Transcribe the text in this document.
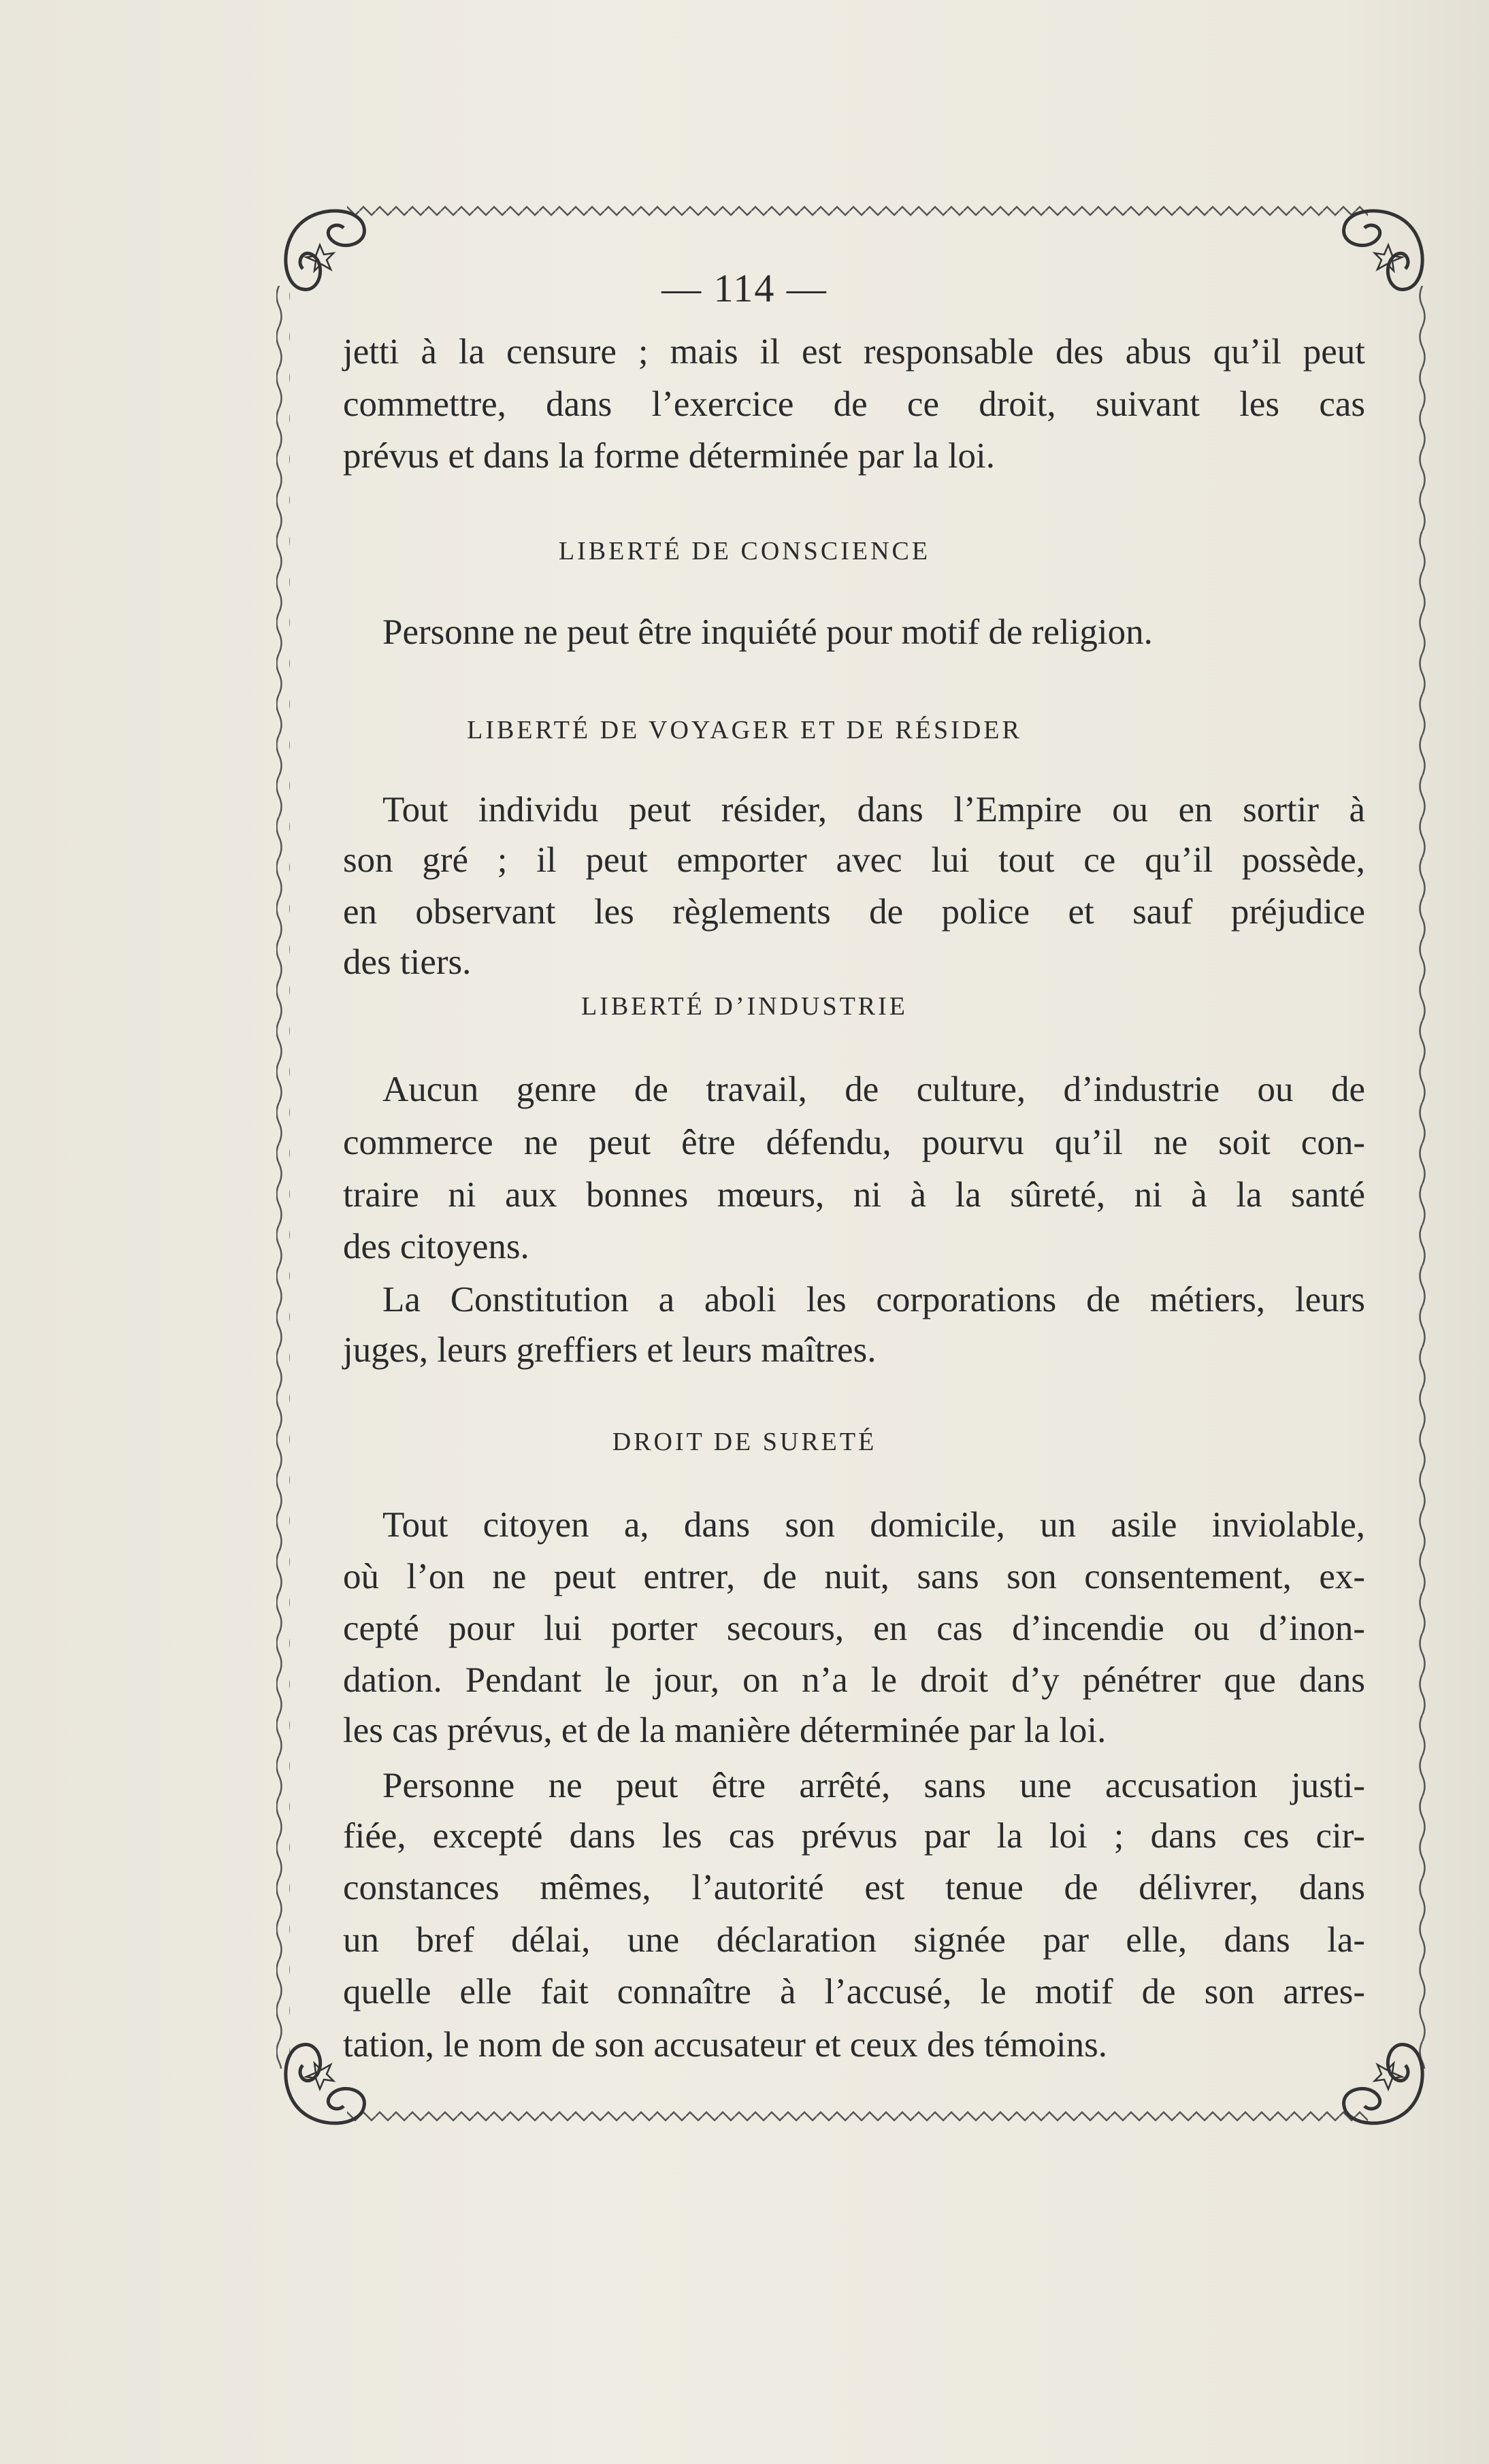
— 114 —
jetti à la censure ; mais il est responsable des abus qu’il peut
commettre, dans l’exercice de ce droit, suivant les cas
prévus et dans la forme déterminée par la loi.
LIBERTÉ DE CONSCIENCE
Personne ne peut être inquiété pour motif de religion.
LIBERTÉ DE VOYAGER ET DE RÉSIDER
Tout individu peut résider, dans l’Empire ou en sortir à
son gré ; il peut emporter avec lui tout ce qu’il possède,
en observant les règlements de police et sauf préjudice
des tiers.
LIBERTÉ D’INDUSTRIE
Aucun genre de travail, de culture, d’industrie ou de
commerce ne peut être défendu, pourvu qu’il ne soit con-
traire ni aux bonnes mœurs, ni à la sûreté, ni à la santé
des citoyens.
La Constitution a aboli les corporations de métiers, leurs
juges, leurs greffiers et leurs maîtres.
DROIT DE SURETÉ
Tout citoyen a, dans son domicile, un asile inviolable,
où l’on ne peut entrer, de nuit, sans son consentement, ex-
cepté pour lui porter secours, en cas d’incendie ou d’inon-
dation. Pendant le jour, on n’a le droit d’y pénétrer que dans
les cas prévus, et de la manière déterminée par la loi.
Personne ne peut être arrêté, sans une accusation justi-
fiée, excepté dans les cas prévus par la loi ; dans ces cir-
constances mêmes, l’autorité est tenue de délivrer, dans
un bref délai, une déclaration signée par elle, dans la-
quelle elle fait connaître à l’accusé, le motif de son arres-
tation, le nom de son accusateur et ceux des témoins.
